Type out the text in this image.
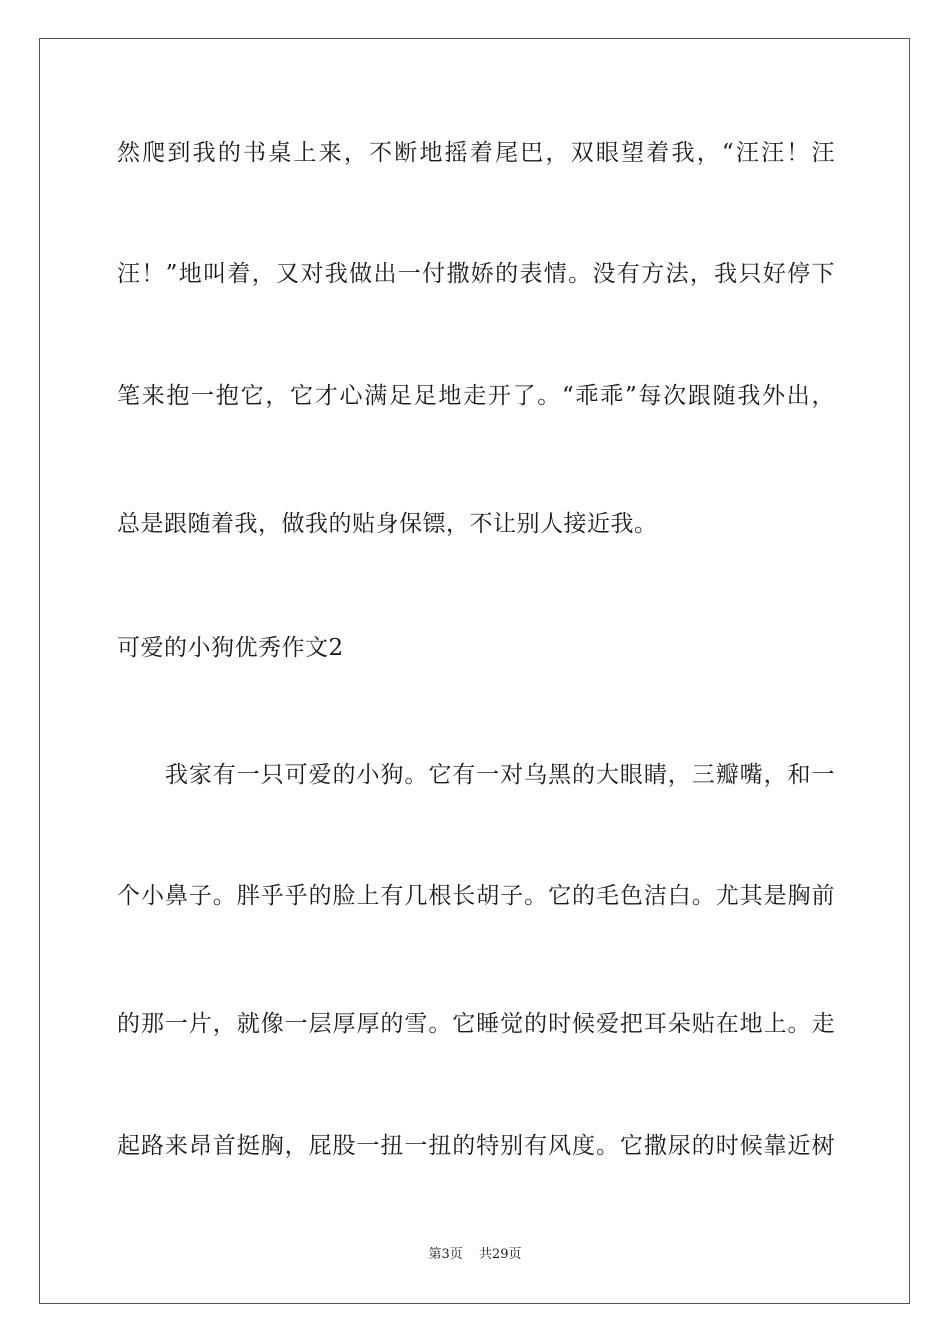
然爬到我的书桌上来，不断地摇着尾巴，双眼望着我，“汪汪！汪
汪！”地叫着，又对我做出一付撒娇的表情。没有方法，我只好停下
笔来抱一抱它，它才心满足足地走开了。“乖乖”每次跟随我外出，
总是跟随着我，做我的贴身保镖，不让别人接近我。
可爱的小狗优秀作文2
　　我家有一只可爱的小狗。它有一对乌黑的大眼睛，三瓣嘴，和一
个小鼻子。胖乎乎的脸上有几根长胡子。它的毛色洁白。尤其是胸前
的那一片，就像一层厚厚的雪。它睡觉的时候爱把耳朵贴在地上。走
起路来昂首挺胸，屁股一扭一扭的特别有风度。它撒尿的时候靠近树
第3页 共29页
